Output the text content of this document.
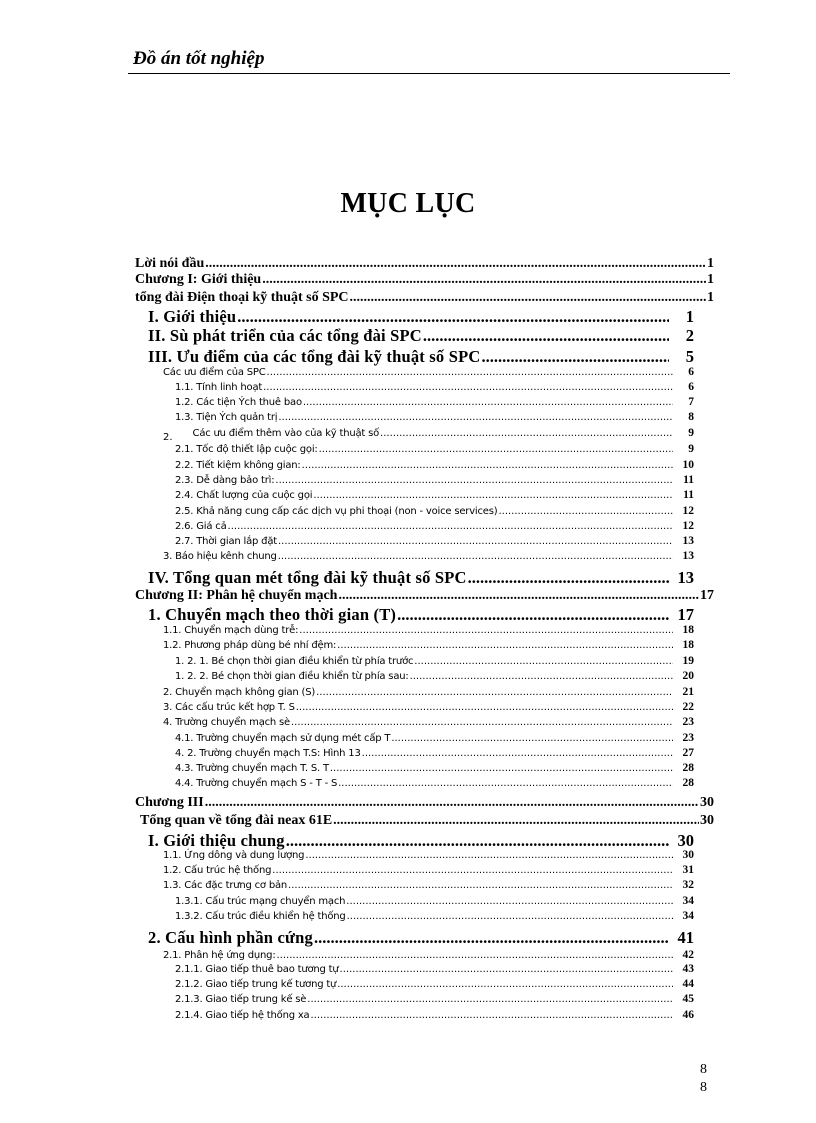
Đồ án tốt nghiệp
MỤC LỤC
Lời nói đầu .....	1
Chương I: Giới thiệu .....	1
tổng đài Điện thoại kỹ thuật số SPC .....	1
I. Giới thiệu .....	1
II. Sù phát triển của các tổng đài SPC .....	2
III. Ưu điểm của các tổng đài kỹ thuật số SPC .....	5
Các ưu điểm của SPC .....	6
1.1. Tính linh hoạt .....	6
1.2. Các tiện Ých thuê bao .....	7
1.3. Tiện Ých quản trị .....	8
2. Các ưu điểm thêm vào của kỹ thuật số .....	9
2.1. Tốc độ thiết lập cuộc gọi: .....	9
2.2. Tiết kiệm không gian: .....	10
2.3. Dễ dàng bảo trì: .....	11
2.4. Chất lượng của cuộc gọi .....	11
2.5. Khả năng cung cấp các dịch vụ phi thoại (non - voice services) .....	12
2.6. Giá cả .....	12
2.7. Thời gian lắp đặt .....	13
3. Báo hiệu kênh chung .....	13
IV. Tổng quan mét tổng đài kỹ thuật số SPC .....	13
Chương II: Phân hệ chuyển mạch .....	17
1. Chuyển mạch theo thời gian (T) .....	17
1.1. Chuyển mạch dùng trễ: .....	18
1.2. Phương pháp dùng bé nhí đệm: .....	18
1. 2. 1. Bé chọn thời gian điều khiển từ phía trước .....	19
1. 2. 2. Bé chọn thời gian điều khiển từ phía sau: .....	20
2. Chuyển mạch không gian (S) .....	21
3. Các cấu trúc kết hợp T. S .....	22
4. Trường chuyển mạch sè .....	23
4.1. Trường chuyển mạch sử dụng mét cấp T .....	23
4. 2. Trường chuyển mạch T.S: Hình 13 .....	27
4.3. Trường chuyển mạch T. S. T .....	28
4.4. Trường chuyển mạch S - T - S .....	28
Chương III .....	30
Tổng quan về tổng đài neax 61E .....	30
I. Giới thiệu chung .....	30
1.1. Ứng dông và dung lượng .....	30
1.2. Cấu trúc hệ thống .....	31
1.3. Các đặc trưng cơ bản .....	32
1.3.1. Cấu trúc mạng chuyển mạch .....	34
1.3.2. Cấu trúc điều khiển hệ thống .....	34
2. Cấu hình phần cứng .....	41
2.1. Phân hệ ứng dụng: .....	42
2.1.1. Giao tiếp thuê bao tương tự .....	43
2.1.2. Giao tiếp trung kế tương tự .....	44
2.1.3. Giao tiếp trung kế sè .....	45
2.1.4. Giao tiếp hệ thống xa .....	46
8
8
